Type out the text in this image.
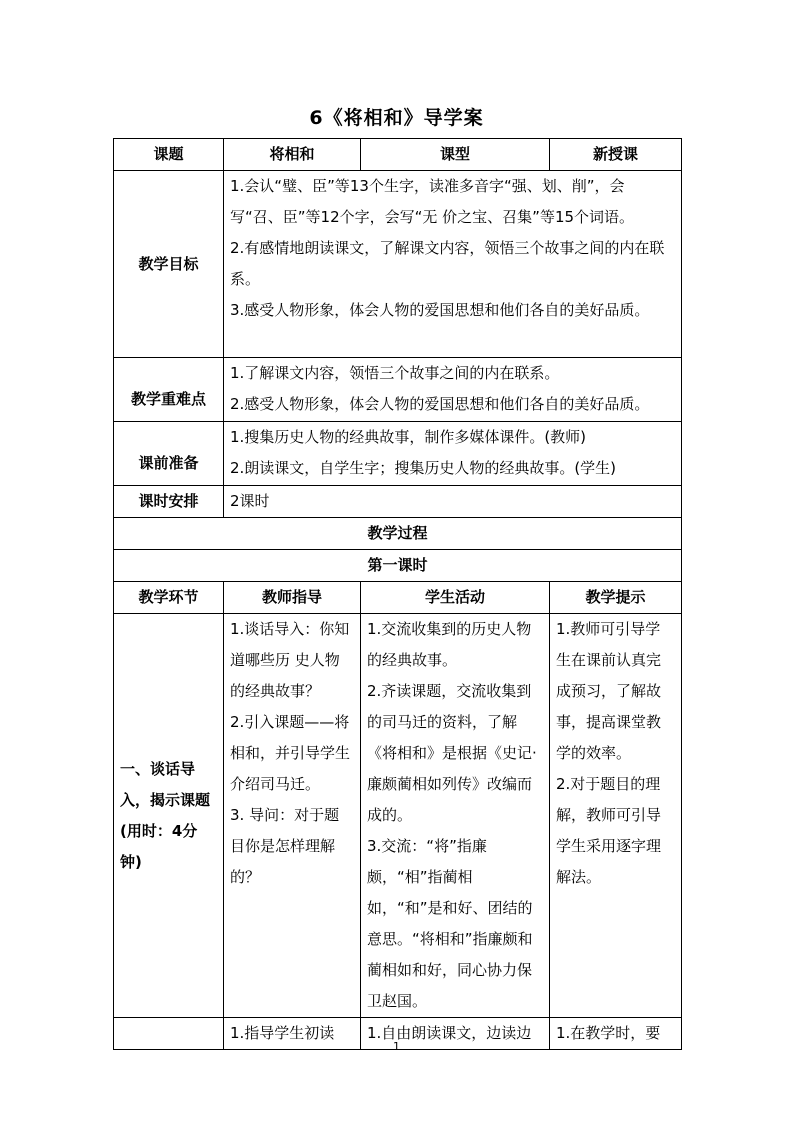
6《将相和》导学案
课题	将相和	课型	新授课
教学目标	1.会认“璧、臣”等13个生字，读准多音字“强、划、削”，会写“召、臣”等12个字，会写“无 价之宝、召集”等15个词语。
2.有感情地朗读课文，了解课文内容，领悟三个故事之间的内在联系。
3.感受人物形象，体会人物的爱国思想和他们各自的美好品质。		

教学重难点	1.了解课文内容，领悟三个故事之间的内在联系。
2.感受人物形象，体会人物的爱国思想和他们各自的美好品质。		

课前准备	1.搜集历史人物的经典故事，制作多媒体课件。(教师)
2.朗读课文，自学生字；搜集历史人物的经典故事。(学生)		

课时安排	2课时		
教学过程			
第一课时			
教学环节	教师指导	学生活动	教学提示
一、谈话导入，揭示课题(用时：4分钟)	1.谈话导入：你知道哪些历 史人物的经典故事？
2.引入课题——将相和，并引导学生介绍司马迁。
3. 导问：对于题目你是怎样理解的？	1.交流收集到的历史人物的经典故事。
2.齐读课题，交流收集到的司马迁的资料，了解《将相和》是根据《史记·廉颇蔺相如列传》改编而成的。
3.交流：“将”指廉颇，“相”指蔺相如，“和”是和好、团结的意思。“将相和”指廉颇和蔺相如和好，同心协力保卫赵国。	1.教师可引导学生在课前认真完成预习，了解故事，提高课堂教学的效率。
2.对于题目的理解，教师可引导学生采用逐字理解法。

	1.指导学生初读	1.自由朗读课文，边读边	1.在教学时，要
1
